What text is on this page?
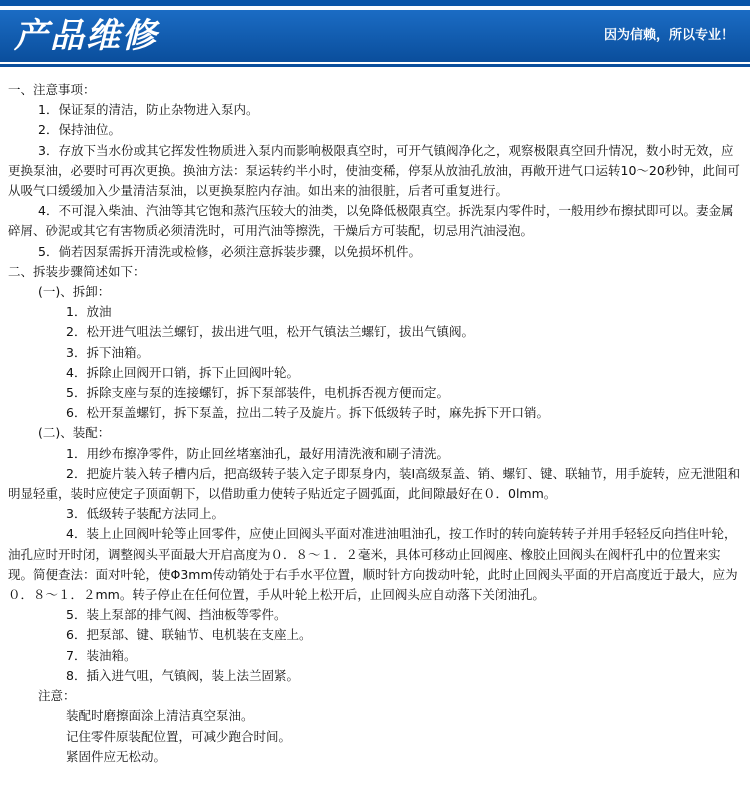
产品维修	因为信赖，所以专业！

一、注意事项：

1．保证泵的清洁，防止杂物进入泵内。

2．保持油位。

3．存放下当水份或其它挥发性物质进入泵内而影响极限真空时，可开气镇阀净化之，观察极限真空回升情况，数小时无效，应更换泵油，必要时可再次更换。换油方法：泵运转约半小时，使油变稀，停泵从放油孔放油，再敞开进气口运转10～20秒钟，此间可从吸气口缓缓加入少量清洁泵油，以更换泵腔内存油。如出来的油很脏，后者可重复进行。

4．不可混入柴油、汽油等其它饱和蒸汽压较大的油类，以免降低极限真空。拆洗泵内零件时，一般用纱布擦拭即可以。妻金属碎屑、砂泥或其它有害物质必须清洗时，可用汽油等擦洗，干燥后方可装配，切忌用汽油浸泡。

5．倘若因泵需拆开清洗或检修，必须注意拆装步骤，以免损坏机件。

二、拆装步骤简述如下：

(一)、拆卸：

1．放油

2．松开进气咀法兰螺钉，拔出进气咀，松开气镇法兰螺钉，拔出气镇阀。

3．拆下油箱。

4．拆除止回阀开口销，拆下止回阀叶轮。

5．拆除支座与泵的连接螺钉，拆下泵部装件，电机拆否视方便而定。

6．松开泵盖螺钉，拆下泵盖，拉出二转子及旋片。拆下低级转子时，麻先拆下开口销。

(二)、装配：

1．用纱布擦净零件，防止回丝堵塞油孔，最好用清洗液和刷子清洗。

2．把旋片装入转子槽内后，把高级转子装入定子即泵身内，装I高级泵盖、销、螺钉、键、联轴节，用手旋转，应无泄阻和明显轻重，装时应使定子顶面朝下，以借助重力使转子贴近定子圆弧面，此间隙最好在０．0lmm。

3．低级转子装配方法同上。

4．装上止回阀叶轮等止回零件，应使止回阀头平面对准进油咀油孔，按工作时的转向旋转转子并用手轻轻反向挡住叶轮，油孔应时开时闭，调整阀头平面最大开启高度为０．８～１．２毫米，具体可移动止回阀座、橡胶止回阀头在阀杆孔中的位置来实现。简便查法：面对叶轮，使Φ3mm传动销处于右手水平位置，顺时针方向拨动叶轮，此时止回阀头平面的开启高度近于最大，应为０．８～１．２mm。转子停止在任何位置，手从叶轮上松开后，止回阀头应自动落下关闭油孔。

5．装上泵部的排气阀、挡油板等零件。

6．把泵部、键、联轴节、电机装在支座上。

7．装油箱。

8．插入进气咀，气镇阀，装上法兰固紧。

注意：

装配时磨擦面涂上清洁真空泵油。

记住零件原装配位置，可减少跑合时间。

紧固件应无松动。
